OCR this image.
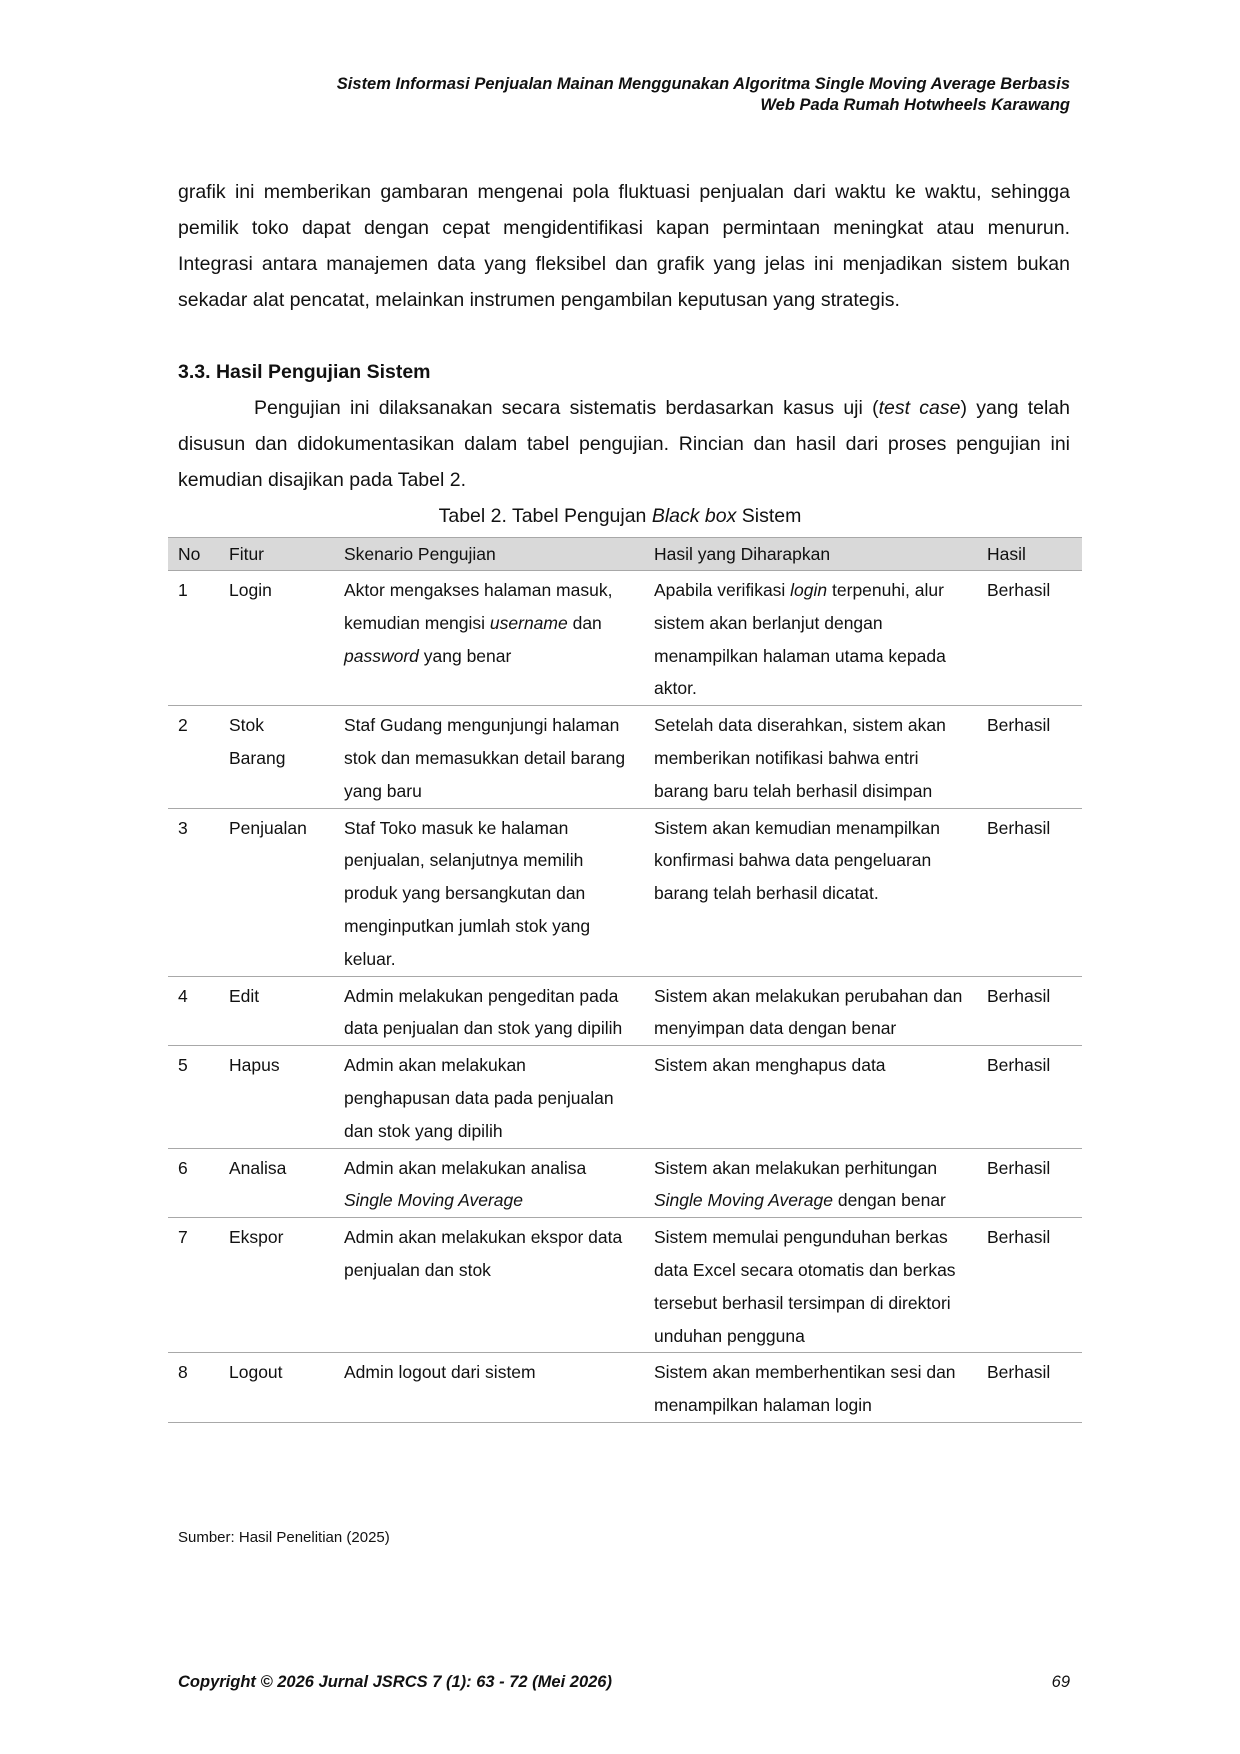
Sistem Informasi Penjualan Mainan Menggunakan Algoritma Single Moving Average Berbasis
Web Pada Rumah Hotwheels Karawang

grafik ini memberikan gambaran mengenai pola fluktuasi penjualan dari waktu ke waktu, sehingga pemilik toko dapat dengan cepat mengidentifikasi kapan permintaan meningkat atau menurun. Integrasi antara manajemen data yang fleksibel dan grafik yang jelas ini menjadikan sistem bukan sekadar alat pencatat, melainkan instrumen pengambilan keputusan yang strategis.

3.3. Hasil Pengujian Sistem

Pengujian ini dilaksanakan secara sistematis berdasarkan kasus uji (test case) yang telah disusun dan didokumentasikan dalam tabel pengujian. Rincian dan hasil dari proses pengujian ini kemudian disajikan pada Tabel 2.

Tabel 2. Tabel Pengujan Black box Sistem
No	Fitur	Skenario Pengujian	Hasil yang Diharapkan	Hasil
1	Login	Aktor mengakses halaman masuk, kemudian mengisi username dan password yang benar	Apabila verifikasi login terpenuhi, alur sistem akan berlanjut dengan menampilkan halaman utama kepada aktor.	Berhasil
2	Stok Barang	Staf Gudang mengunjungi halaman stok dan memasukkan detail barang yang baru	Setelah data diserahkan, sistem akan memberikan notifikasi bahwa entri barang baru telah berhasil disimpan	Berhasil
3	Penjualan	Staf Toko masuk ke halaman penjualan, selanjutnya memilih produk yang bersangkutan dan menginputkan jumlah stok yang keluar.	Sistem akan kemudian menampilkan konfirmasi bahwa data pengeluaran barang telah berhasil dicatat.	Berhasil
4	Edit	Admin melakukan pengeditan pada data penjualan dan stok yang dipilih	Sistem akan melakukan perubahan dan menyimpan data dengan benar	Berhasil
5	Hapus	Admin akan melakukan penghapusan data pada penjualan dan stok yang dipilih	Sistem akan menghapus data	Berhasil
6	Analisa	Admin akan melakukan analisa Single Moving Average	Sistem akan melakukan perhitungan Single Moving Average dengan benar	Berhasil
7	Ekspor	Admin akan melakukan ekspor data penjualan dan stok	Sistem memulai pengunduhan berkas data Excel secara otomatis dan berkas tersebut berhasil tersimpan di direktori unduhan pengguna	Berhasil
8	Logout	Admin logout dari sistem	Sistem akan memberhentikan sesi dan menampilkan halaman login	Berhasil
Sumber: Hasil Penelitian (2025)
Copyright © 2026 Jurnal JSRCS 7 (1): 63 - 72 (Mei 2026)	69
